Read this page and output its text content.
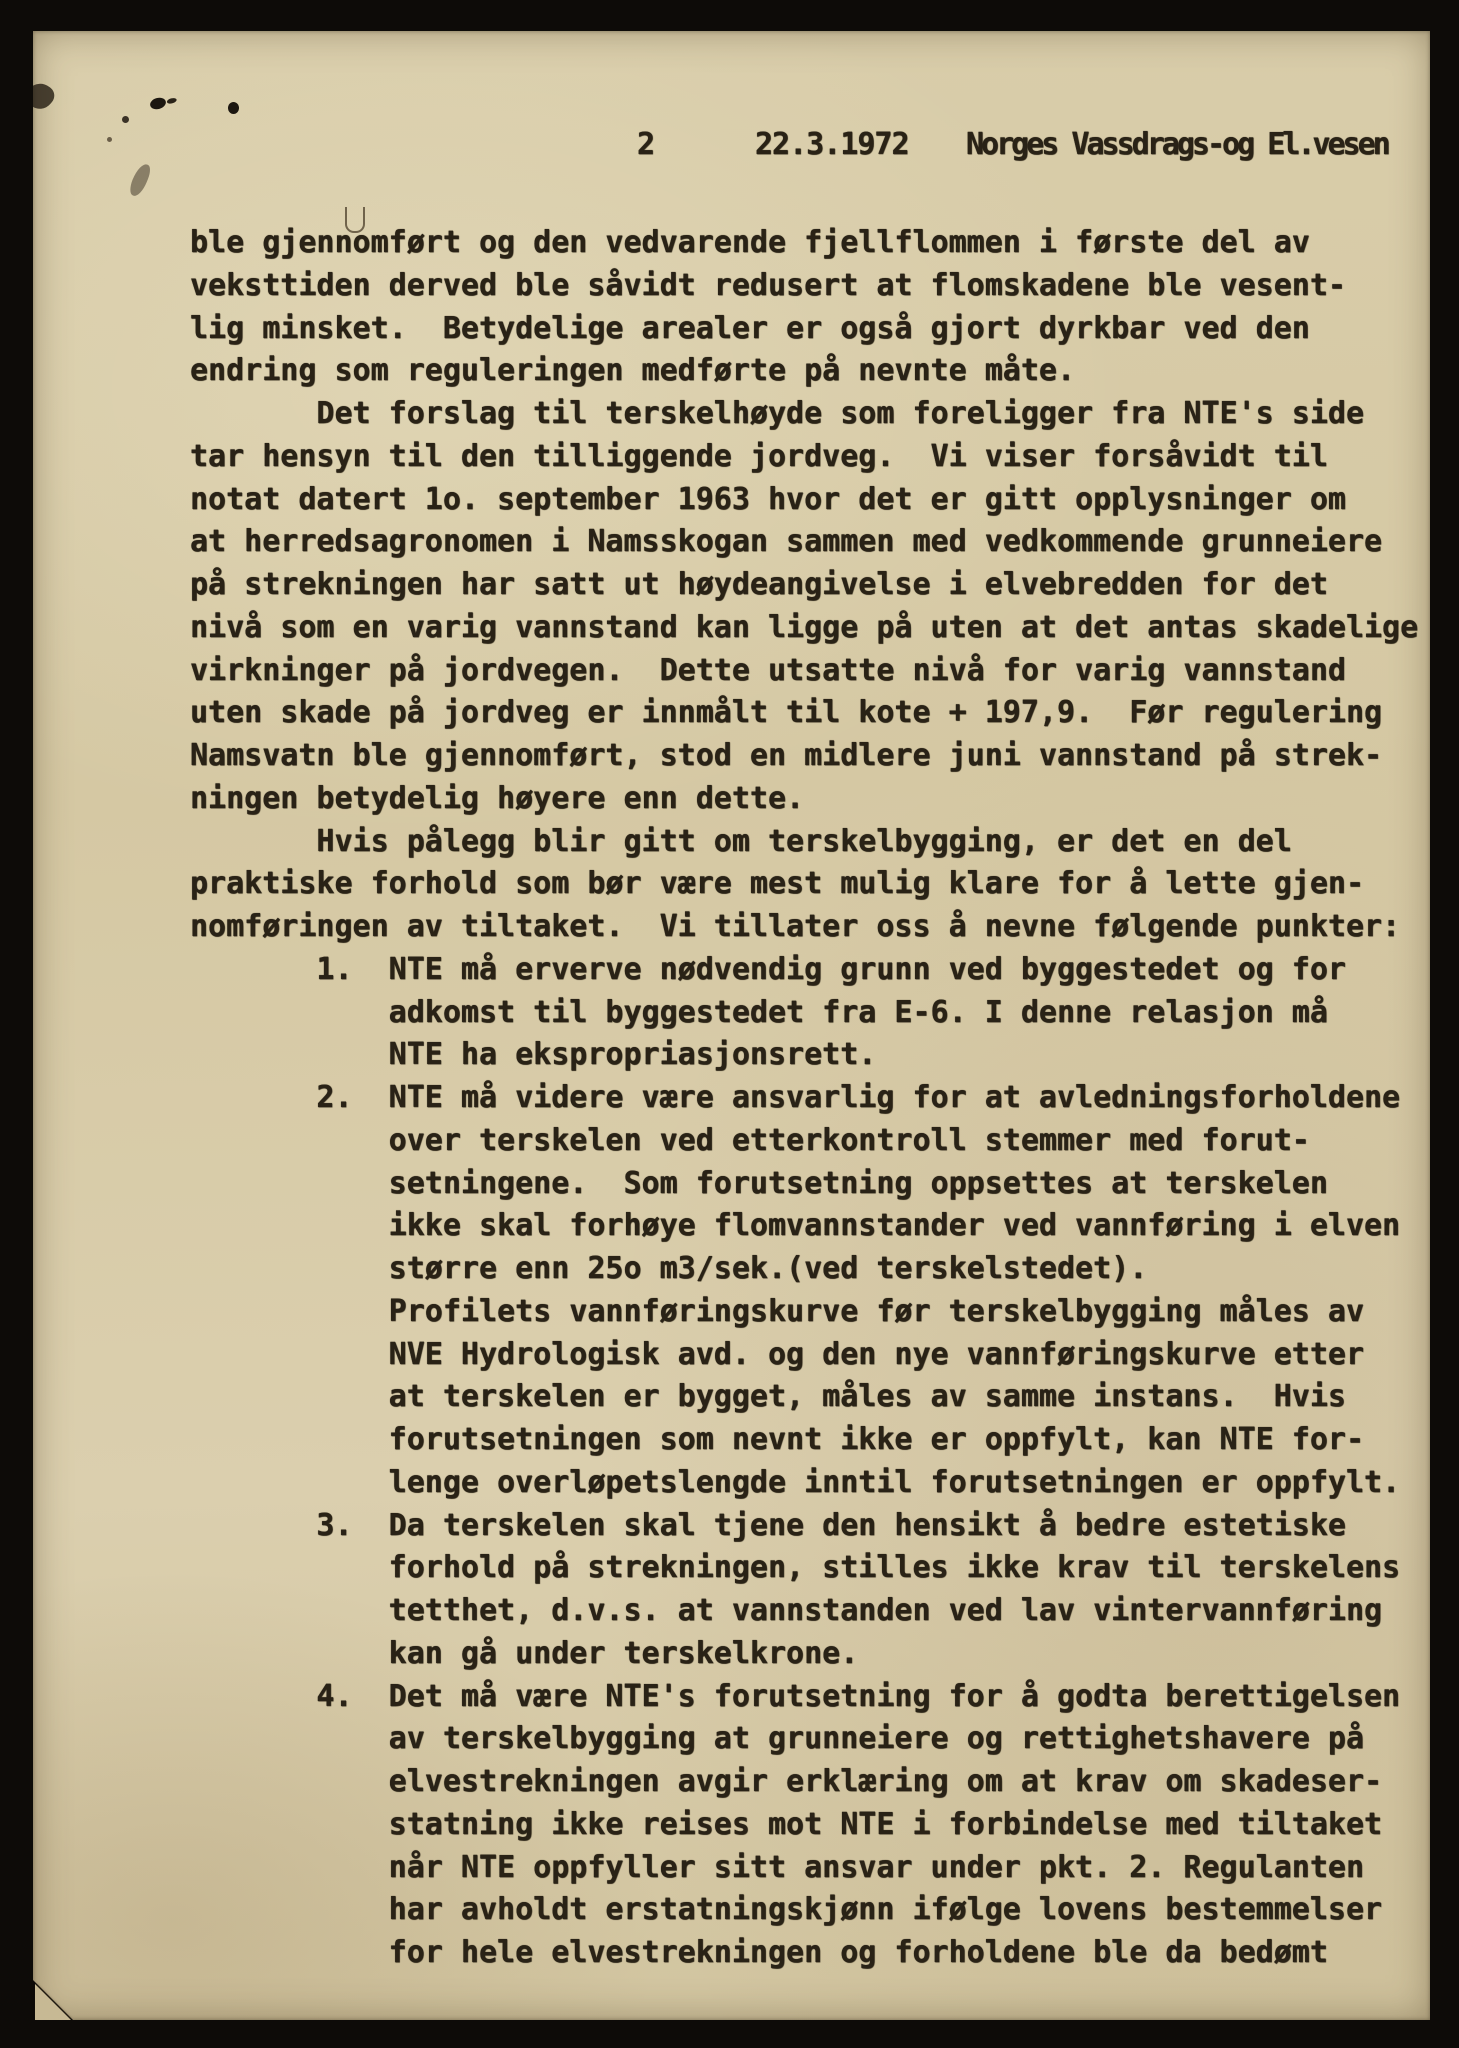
2	22.3.1972 Norges Vassdrags-og El.vesen
ble gjennomført og den vedvarende fjellflommen i første del av
veksttiden derved ble såvidt redusert at flomskadene ble vesent-
lig minsket.  Betydelige arealer er også gjort dyrkbar ved den
endring som reguleringen medførte på nevnte måte.
Det forslag til terskelhøyde som foreligger fra NTE's side
tar hensyn til den tilliggende jordveg.  Vi viser forsåvidt til
notat datert 1o. september 1963 hvor det er gitt opplysninger om
at herredsagronomen i Namsskogan sammen med vedkommende grunneiere
på strekningen har satt ut høydeangivelse i elvebredden for det
nivå som en varig vannstand kan ligge på uten at det antas skadelige
virkninger på jordvegen.  Dette utsatte nivå for varig vannstand
uten skade på jordveg er innmålt til kote + 197,9.  Før regulering
Namsvatn ble gjennomført, stod en midlere juni vannstand på strek-
ningen betydelig høyere enn dette.
Hvis pålegg blir gitt om terskelbygging, er det en del
praktiske forhold som bør være mest mulig klare for å lette gjen-
nomføringen av tiltaket.  Vi tillater oss å nevne følgende punkter:
1.  NTE må erverve nødvendig grunn ved byggestedet og for
adkomst til byggestedet fra E-6. I denne relasjon må
NTE ha ekspropriasjonsrett.
2.  NTE må videre være ansvarlig for at avledningsforholdene
over terskelen ved etterkontroll stemmer med forut-
setningene.  Som forutsetning oppsettes at terskelen
ikke skal forhøye flomvannstander ved vannføring i elven
større enn 25o m3/sek.(ved terskelstedet).
Profilets vannføringskurve før terskelbygging måles av
NVE Hydrologisk avd. og den nye vannføringskurve etter
at terskelen er bygget, måles av samme instans.  Hvis
forutsetningen som nevnt ikke er oppfylt, kan NTE for-
lenge overløpetslengde inntil forutsetningen er oppfylt.
3.  Da terskelen skal tjene den hensikt å bedre estetiske
forhold på strekningen, stilles ikke krav til terskelens
tetthet, d.v.s. at vannstanden ved lav vintervannføring
kan gå under terskelkrone.
4.  Det må være NTE's forutsetning for å godta berettigelsen
av terskelbygging at grunneiere og rettighetshavere på
elvestrekningen avgir erklæring om at krav om skadeser-
statning ikke reises mot NTE i forbindelse med tiltaket
når NTE oppfyller sitt ansvar under pkt. 2. Regulanten
har avholdt erstatningskjønn ifølge lovens bestemmelser
for hele elvestrekningen og forholdene ble da bedømt
